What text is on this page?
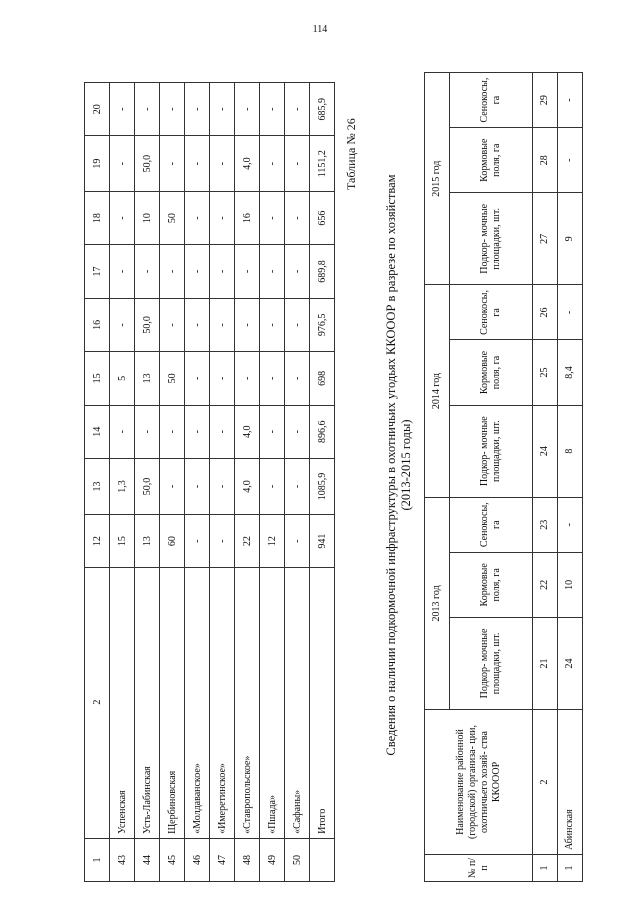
114
1	2	12	13	14	15	16	17	18	19	20
43	Успенская	15	1,3	-	5	-	-	-	-	-
44	Усть-Лабинская	13	50,0	-	13	50,0	-	10	50,0	-
45	Щербиновская	60	-	-	50	-	-	50	-	-
46	«Молдаванское»	-	-	-	-	-	-	-	-	-
47	«Имеретинское»	-	-	-	-	-	-	-	-	-
48	«Ставропольское»	22	4,0	4,0	-	-	-	16	4,0	-
49	«Пшада»	12	-	-	-	-	-	-	-	-
50	«Сафаны»	-	-	-	-	-	-	-	-	-
	Итого	941	1085,9	896,6	698	976,5	689,8	656	1151,2	685,9
Таблица № 26
Сведения о наличии подкормочной инфраструктуры в охотничьих угодьях ККОООР в разрезе по хозяйствам (2013-2015 годы)
№ п/п	Наименование районной (городской) организа- ции, охотничьего хозяй- ства ККОООР	2013 год			2014 год			2015 год		
		Подкор- мочные площадки, шт.	Кормовые поля, га	Сенокосы, га	Подкор- мочные площадки, шт.	Кормовые поля, га	Сенокосы, га	Подкор- мочные площадки, шт.	Кормовые поля, га	Сенокосы, га
1	2	21	22	23	24	25	26	27	28	29
1	Абинская	24	10	-	8	8,4	-	9	-	-
